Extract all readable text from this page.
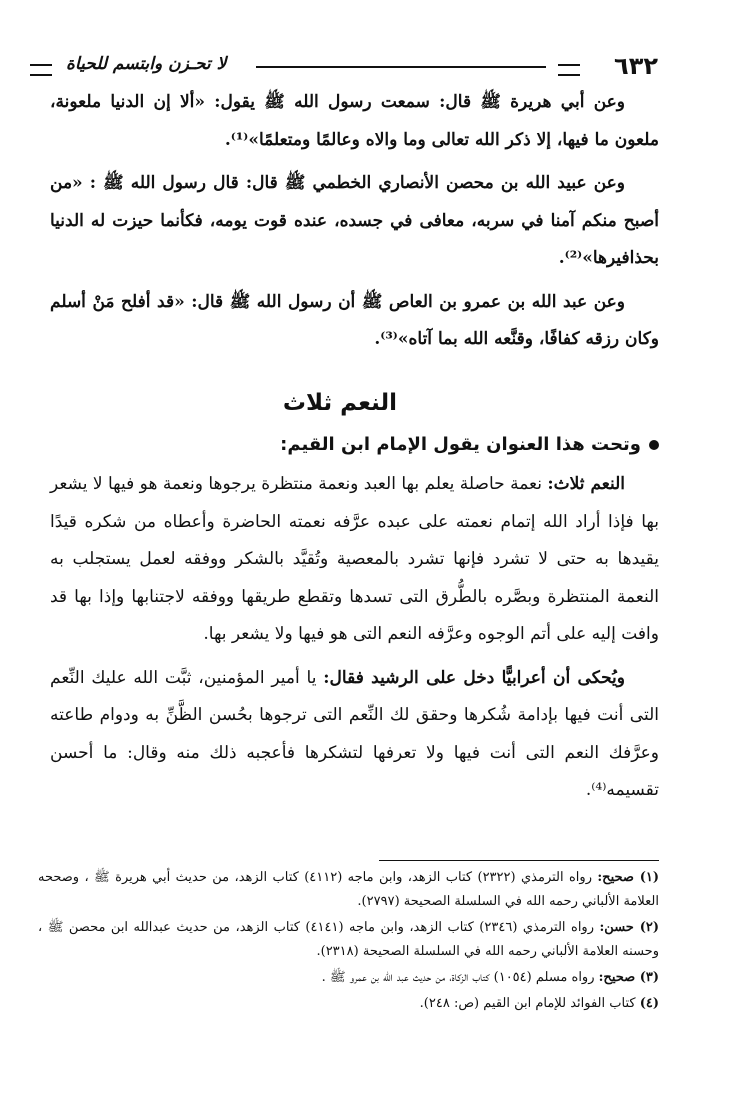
٦٣٢
لا تحـزن وابتسم للحياة

وعن أبي هريرة ﷺ قال: سمعت رسول الله ﷺ يقول: «ألا إن الدنيا ملعونة، ملعون ما فيها، إلا ذكر الله تعالى وما والاه وعالمًا ومتعلمًا»⁽¹⁾.

وعن عبيد الله بن محصن الأنصاري الخطمي ﷺ قال: قال رسول الله ﷺ : «من أصبح منكم آمنا في سربه، معافى في جسده، عنده قوت يومه، فكأنما حيزت له الدنيا بحذافيرها»⁽²⁾.

وعن عبد الله بن عمرو بن العاص ﷺ أن رسول الله ﷺ قال: «قد أفلح مَنْ أسلم وكان رزقه كفافًا، وقنَّعه الله بما آتاه»⁽³⁾.

النعم ثلاث
وتحت هذا العنوان يقول الإمام ابن القيم:

النعم ثلاث: نعمة حاصلة يعلم بها العبد ونعمة منتظرة يرجوها ونعمة هو فيها لا يشعر بها فإذا أراد الله إتمام نعمته على عبده عرَّفه نعمته الحاضرة وأعطاه من شكره قيدًا يقيدها به حتى لا تشرد فإنها تشرد بالمعصية وتُقيَّد بالشكر ووفقه لعمل يستجلب به النعمة المنتظرة وبصَّره بالطُّرق التى تسدها وتقطع طريقها ووفقه لاجتنابها وإذا بها قد وافت إليه على أتم الوجوه وعرَّفه النعم التى هو فيها ولا يشعر بها.

ويُحكى أن أعرابيًّا دخل على الرشيد فقال: يا أمير المؤمنين، ثبَّت الله عليك النِّعم التى أنت فيها بإدامة شُكرها وحقق لك النِّعم التى ترجوها بحُسن الظَّنِّ به ودوام طاعته وعرَّفك النعم التى أنت فيها ولا تعرفها لتشكرها فأعجبه ذلك منه وقال: ما أحسن تقسيمه⁽⁴⁾.

(١) صحيح: رواه الترمذي (٢٣٢٢) كتاب الزهد، وابن ماجه (٤١١٢) كتاب الزهد، من حديث أبي هريرة ﷺ ، وصححه العلامة الألباني رحمه الله في السلسلة الصحيحة (٢٧٩٧).

(٢) حسن: رواه الترمذي (٢٣٤٦) كتاب الزهد، وابن ماجه (٤١٤١) كتاب الزهد، من حديث عبدالله ابن محصن ﷺ ، وحسنه العلامة الألباني رحمه الله في السلسلة الصحيحة (٢٣١٨).

(٣) صحيح: رواه مسلم (١٠٥٤) كتاب الزكاة، من حديث عبد الله بن عمرو ﷺ .

(٤) كتاب الفوائد للإمام ابن القيم (ص: ٢٤٨).
